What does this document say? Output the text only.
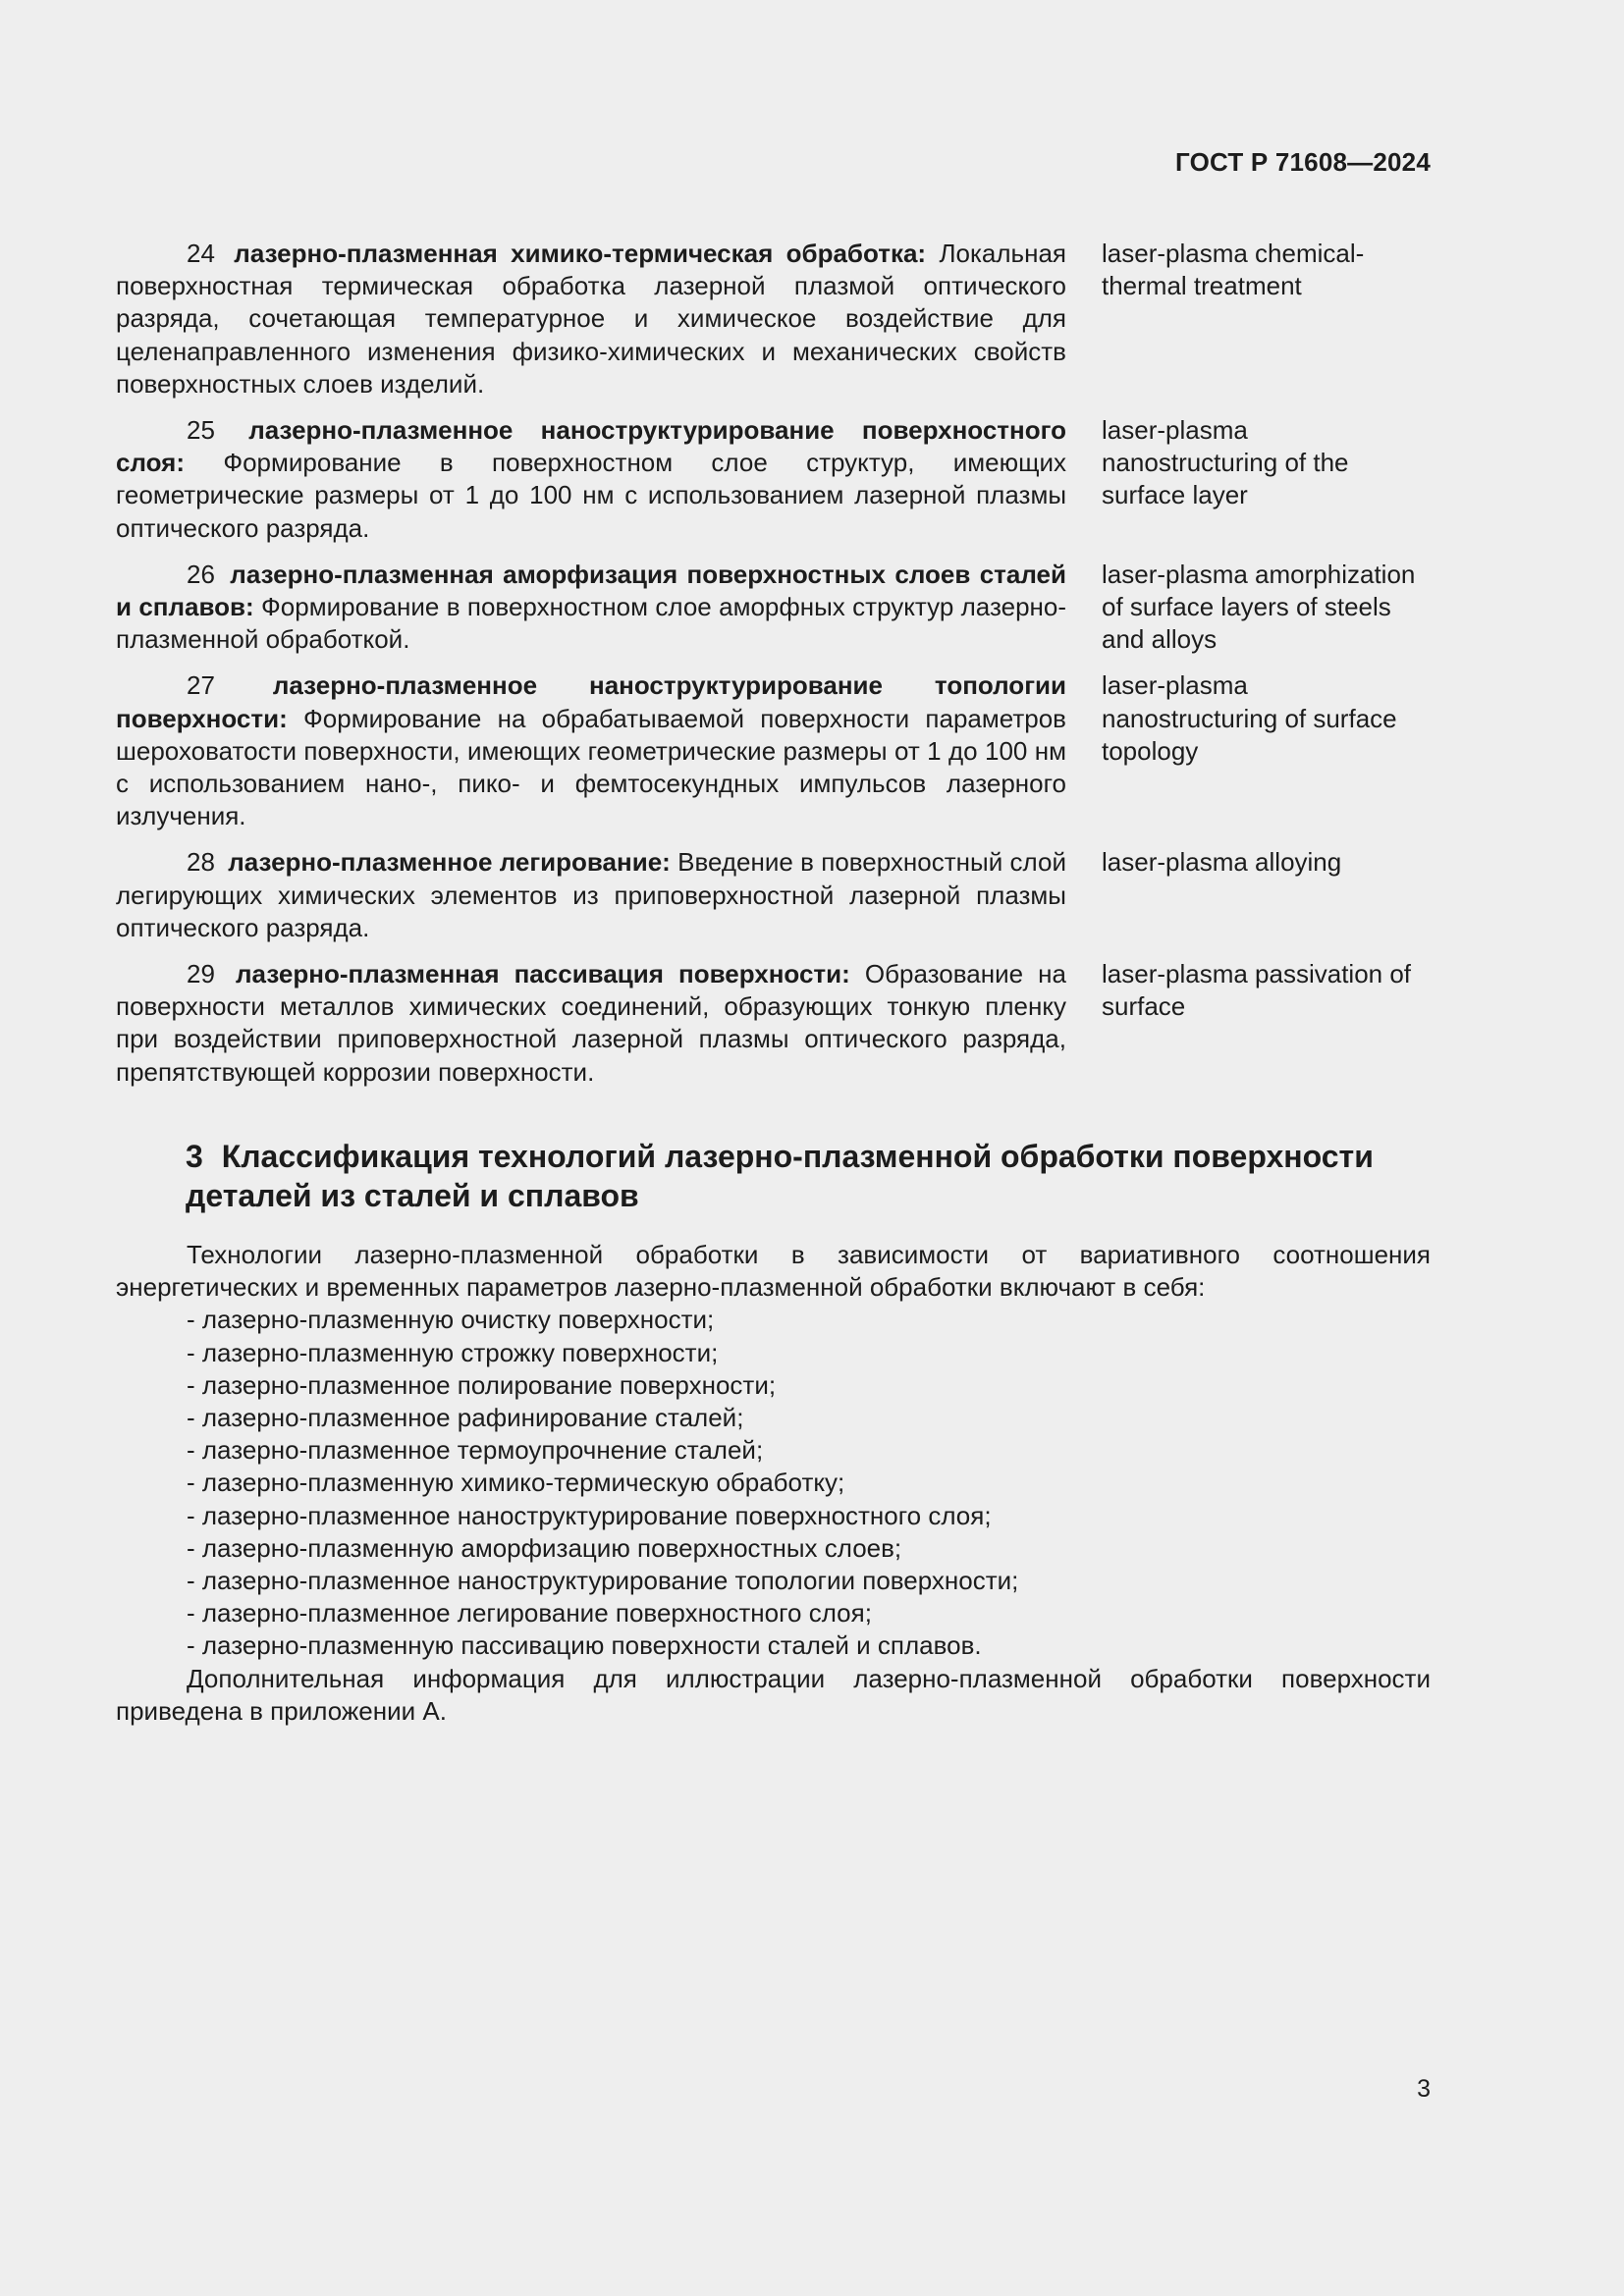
ГОСТ Р 71608—2024
24 лазерно-плазменная химико-термическая обработка: Локальная поверхностная термическая обработка лазерной плазмой оптического разряда, сочетающая температурное и химическое воздействие для целенаправленного изменения физико-химических и механических свойств поверхностных слоев изделий.
laser-plasma chemical-thermal treatment
25 лазерно-плазменное наноструктурирование поверхностного слоя: Формирование в поверхностном слое структур, имеющих геометрические размеры от 1 до 100 нм с использованием лазерной плазмы оптического разряда.
laser-plasma nanostructuring of the surface layer
26 лазерно-плазменная аморфизация поверхностных слоев сталей и сплавов: Формирование в поверхностном слое аморфных структур лазерно-плазменной обработкой.
laser-plasma amorphization of surface layers of steels and alloys
27 лазерно-плазменное наноструктурирование топологии поверхности: Формирование на обрабатываемой поверхности параметров шероховатости поверхности, имеющих геометрические размеры от 1 до 100 нм с использованием нано-, пико- и фемтосекундных импульсов лазерного излучения.
laser-plasma nanostructuring of surface topology
28 лазерно-плазменное легирование: Введение в поверхностный слой легирующих химических элементов из приповерхностной лазерной плазмы оптического разряда.
laser-plasma alloying
29 лазерно-плазменная пассивация поверхности: Образование на поверхности металлов химических соединений, образующих тонкую пленку при воздействии приповерхностной лазерной плазмы оптического разряда, препятствующей коррозии поверхности.
laser-plasma passivation of surface
3 Классификация технологий лазерно-плазменной обработки поверхности деталей из сталей и сплавов

Технологии лазерно-плазменной обработки в зависимости от вариативного соотношения энергетических и временных параметров лазерно-плазменной обработки включают в себя:

- лазерно-плазменную очистку поверхности;
- лазерно-плазменную строжку поверхности;
- лазерно-плазменное полирование поверхности;
- лазерно-плазменное рафинирование сталей;
- лазерно-плазменное термоупрочнение сталей;
- лазерно-плазменную химико-термическую обработку;
- лазерно-плазменное наноструктурирование поверхностного слоя;
- лазерно-плазменную аморфизацию поверхностных слоев;
- лазерно-плазменное наноструктурирование топологии поверхности;
- лазерно-плазменное легирование поверхностного слоя;
- лазерно-плазменную пассивацию поверхности сталей и сплавов.

Дополнительная информация для иллюстрации лазерно-плазменной обработки поверхности приведена в приложении А.

3
